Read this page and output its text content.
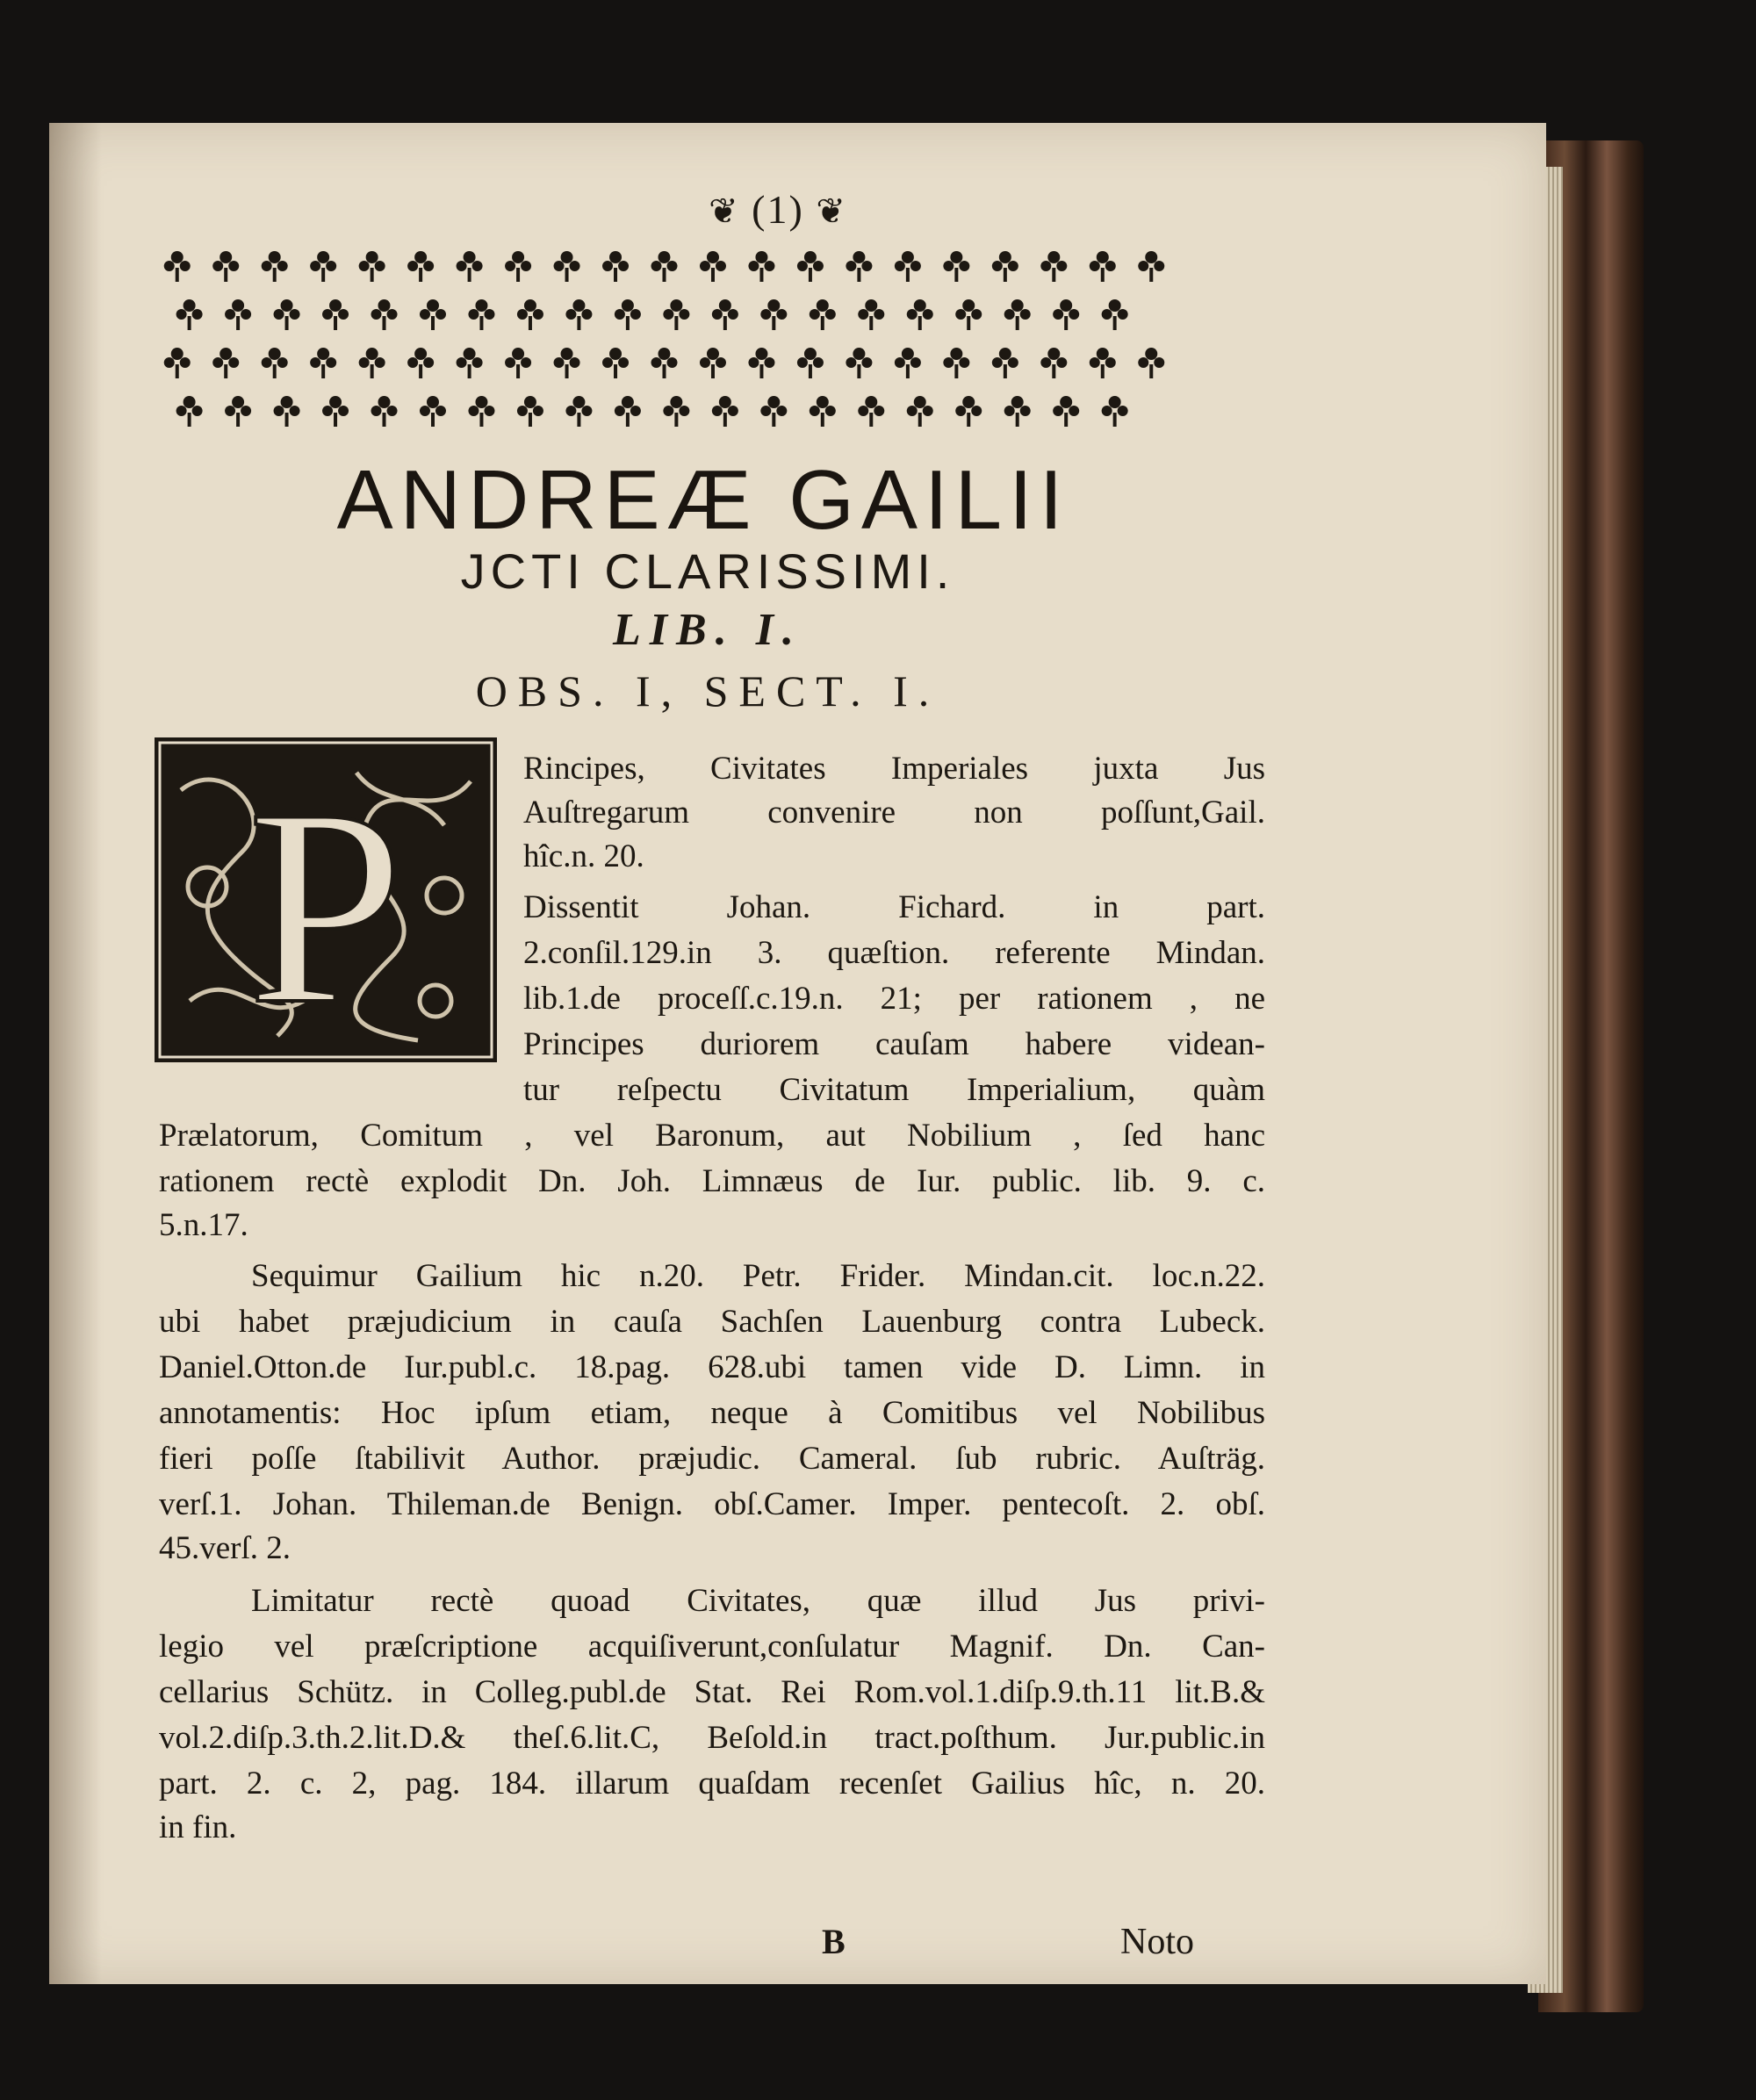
❦ (1) ❦
ANDREÆ GAILII
JCTI CLARISSIMI.
LIB. I.
OBS. I, SECT. I.
P	Rincipes, Civitates Imperiales juxta Jus
Auſtregarum convenire non poſſunt,Gail.
hîc.n. 20.
Dissentit Johan. Fichard. in part.
2.conſil.129.in 3. quæſtion. referente Mindan.
lib.1.de proceſſ.c.19.n. 21; per rationem , ne
Principes duriorem cauſam habere videan-
tur reſpectu Civitatum Imperialium, quàm
Prælatorum, Comitum , vel Baronum, aut Nobilium , ſed hanc
rationem rectè explodit Dn. Joh. Limnæus de Iur. public. lib. 9. c.
5.n.17.
Sequimur Gailium hic n.20. Petr. Frider. Mindan.cit. loc.n.22.
ubi habet præjudicium in cauſa Sachſen Lauenburg contra Lubeck.
Daniel.Otton.de Iur.publ.c. 18.pag. 628.ubi tamen vide D. Limn. in
annotamentis: Hoc ipſum etiam, neque à Comitibus vel Nobilibus
fieri poſſe ſtabilivit Author. præjudic. Cameral. ſub rubric. Auſträg.
verſ.1. Johan. Thileman.de Benign. obſ.Camer. Imper. pentecoſt. 2. obſ.
45.verſ. 2.
Limitatur rectè quoad Civitates, quæ illud Jus privi-
legio vel præſcriptione acquiſiverunt,conſulatur Magnif. Dn. Can-
cellarius Schütz. in Colleg.publ.de Stat. Rei Rom.vol.1.diſp.9.th.11 lit.B.&
vol.2.diſp.3.th.2.lit.D.& theſ.6.lit.C, Beſold.in tract.poſthum. Jur.public.in
part. 2. c. 2, pag. 184. illarum quaſdam recenſet Gailius hîc, n. 20.
in fin.
B	Noto
